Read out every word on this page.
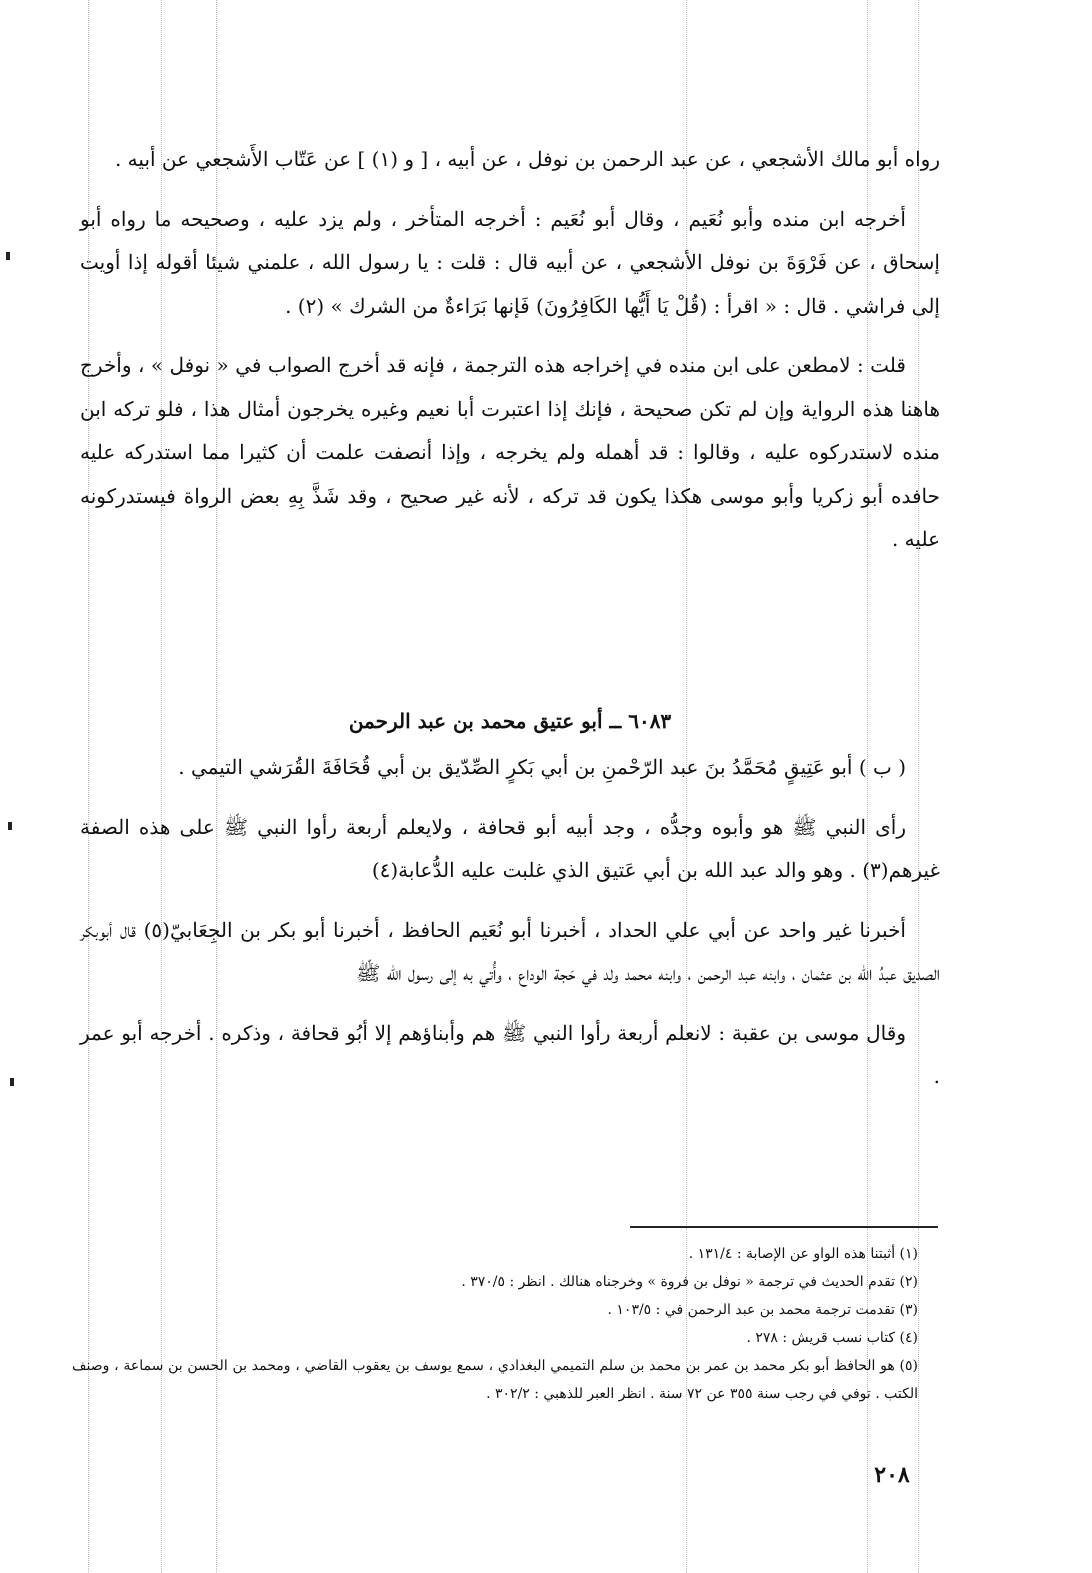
رواه أبو مالك الأشجعي ، عن عبد الرحمن بن نوفل ، عن أبيه ، [ و (١) ] عن عَتّاب الأَشجعي عن أبيه .

أخرجه ابن منده وأبو نُعَيم ، وقال أبو نُعَيم : أخرجه المتأخر ، ولم يزد عليه ، وصحيحه ما رواه أبو إسحاق ، عن فَرْوَةَ بن نوفل الأشجعي ، عن أبيه قال : قلت : يا رسول الله ، علمني شيئا أقوله إذا أويت إلى فراشي . قال : « اقرأ : (قُلْ يَا أَيُّها الكَافِرُونَ) فَإنها بَرَاءةٌ من الشرك » (٢) .

قلت : لامطعن على ابن منده في إخراجه هذه الترجمة ، فإنه قد أخرج الصواب في « نوفل » ، وأخرج هاهنا هذه الرواية وإن لم تكن صحيحة ، فإنك إذا اعتبرت أبا نعيم وغيره يخرجون أمثال هذا ، فلو تركه ابن منده لاستدركوه عليه ، وقالوا : قد أهمله ولم يخرجه ، وإذا أنصفت علمت أن كثيرا مما استدركه عليه حافده أبو زكريا وأبو موسى هكذا يكون قد تركه ، لأنه غير صحيح ، وقد شَذَّ بِهِ بعض الرواة فيستدركونه عليه .

٦٠٨٣ ــ أبو عتيق محمد بن عبد الرحمن

( ب ) أبو عَتِيقٍ مُحَمَّدُ بنَ عبد الرّحْمنِ بن أبي بَكرٍ الصِّدّيق بن أبي قُحَافَةَ القُرَشي التيمي .

رأى النبي ﷺ هو وأبوه وجدُّه ، وجد أبيه أبو قحافة ، ولايعلم أربعة رأوا النبي ﷺ على هذه الصفة غيرهم(٣) . وهو والد عبد الله بن أبي عَتيق الذي غلبت عليه الدُّعابة(٤)

أخبرنا غير واحد عن أبي علي الحداد ، أخبرنا أبو نُعَيم الحافظ ، أخبرنا أبو بكر بن الجِعَابيّ(٥) قال أبوبكر الصديق عبدُ الله بن عثمان ، وابنه عبد الرحمن ، وابنه محمد ولد في حَجة الوداع ، وأُتي به إلى رسول الله ﷺ

وقال موسى بن عقبة : لانعلم أربعة رأوا النبي ﷺ هم وأبناؤهم إلا أبُو قحافة ، وذكره . أخرجه أبو عمر .

(١) أثبتنا هذه الواو عن الإصابة : ١٣١/٤ .

(٢) تقدم الحديث في ترجمة « نوفل بن فروة » وخرجناه هنالك . انظر : ٣٧٠/٥ .

(٣) تقدمت ترجمة محمد بن عبد الرحمن في : ١٠٣/٥ .

(٤) كتاب نسب قريش : ٢٧٨ .

(٥) هو الحافظ أبو بكر محمد بن عمر بن محمد بن سلم التميمي البغدادي ، سمع يوسف بن يعقوب القاضي ، ومحمد بن الحسن بن سماعة ، وصنف الكتب . توفي في رجب سنة ٣٥٥ عن ٧٢ سنة . انظر العبر للذهبي : ٣٠٢/٢ .

٢٠٨
